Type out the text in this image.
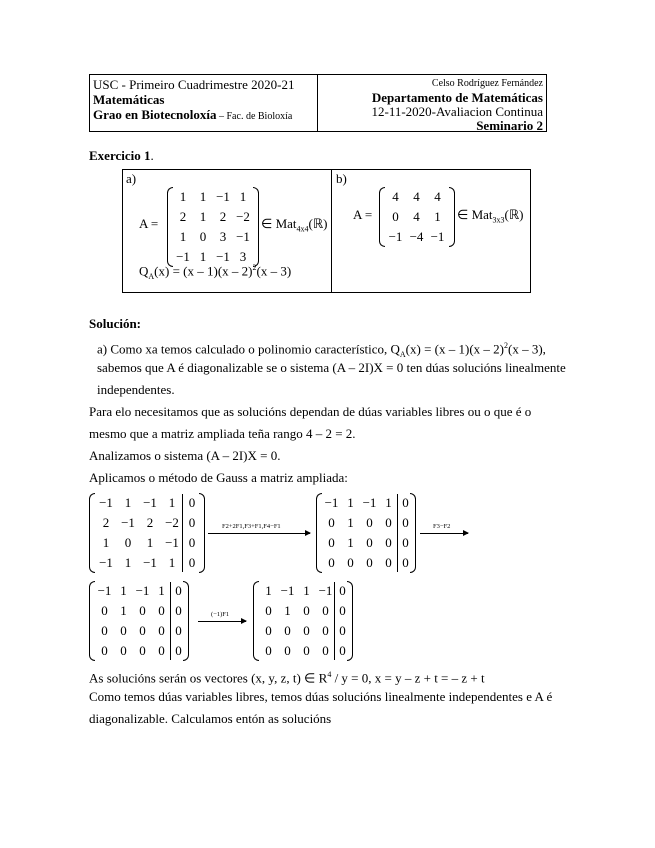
USC - Primeiro Cuadrimestre 2020-21
Matemáticas
Grao en Biotecnoloxía – Fac. de Bioloxía
Celso Rodríguez Fernández
Departamento de Matemáticas
12-11-2020-Avaliacion Continua
Seminario 2
Exercicio 1.
a)	b)
A =
1	1	−1	1
2	1	2	−2
1	0	3	−1
−1	1	−1	3
∈ Mat$_{4x4}$(ℝ)
$Q_A(x) = (x - 1)(x - 2)^2(x - 3)$
A =
4	4	4
0	4	1
−1	−4	−1
∈ Mat$_{3x3}$(ℝ)
Solución:
a) Como xa temos calculado o polinomio característico, $Q_A(x) = (x - 1)(x - 2)^2(x - 3)$,
sabemos que A é diagonalizable se o sistema (A – 2I)X = 0 ten dúas solucións linealmente
independentes.
Para elo necesitamos que as solucións dependan de dúas variables libres ou o que é o
mesmo que a matriz ampliada teña rango 4 – 2 = 2.
Analizamos o sistema (A – 2I)X = 0.
Aplicamos o método de Gauss a matriz ampliada:
−1	1	−1	1	0
2	−1	2	−2	0
1	0	1	−1	0
−1	1	−1	1	0
F2+2F1,F3+F1,F4−F1
−1	1	−1	1	0
0	1	0	0	0
0	1	0	0	0
0	0	0	0	0
F3−F2
−1	1	−1	1	0
0	1	0	0	0
0	0	0	0	0
0	0	0	0	0
(−1)F1
1	−1	1	−1	0
0	1	0	0	0
0	0	0	0	0
0	0	0	0	0
As solucións serán os vectores (x, y, z, t) ∈ $R^4 / y = 0$, x = y – z + t = – z + t
Como temos dúas variables libres, temos dúas solucións linealmente independentes e A é
diagonalizable. Calculamos entón as solucións
